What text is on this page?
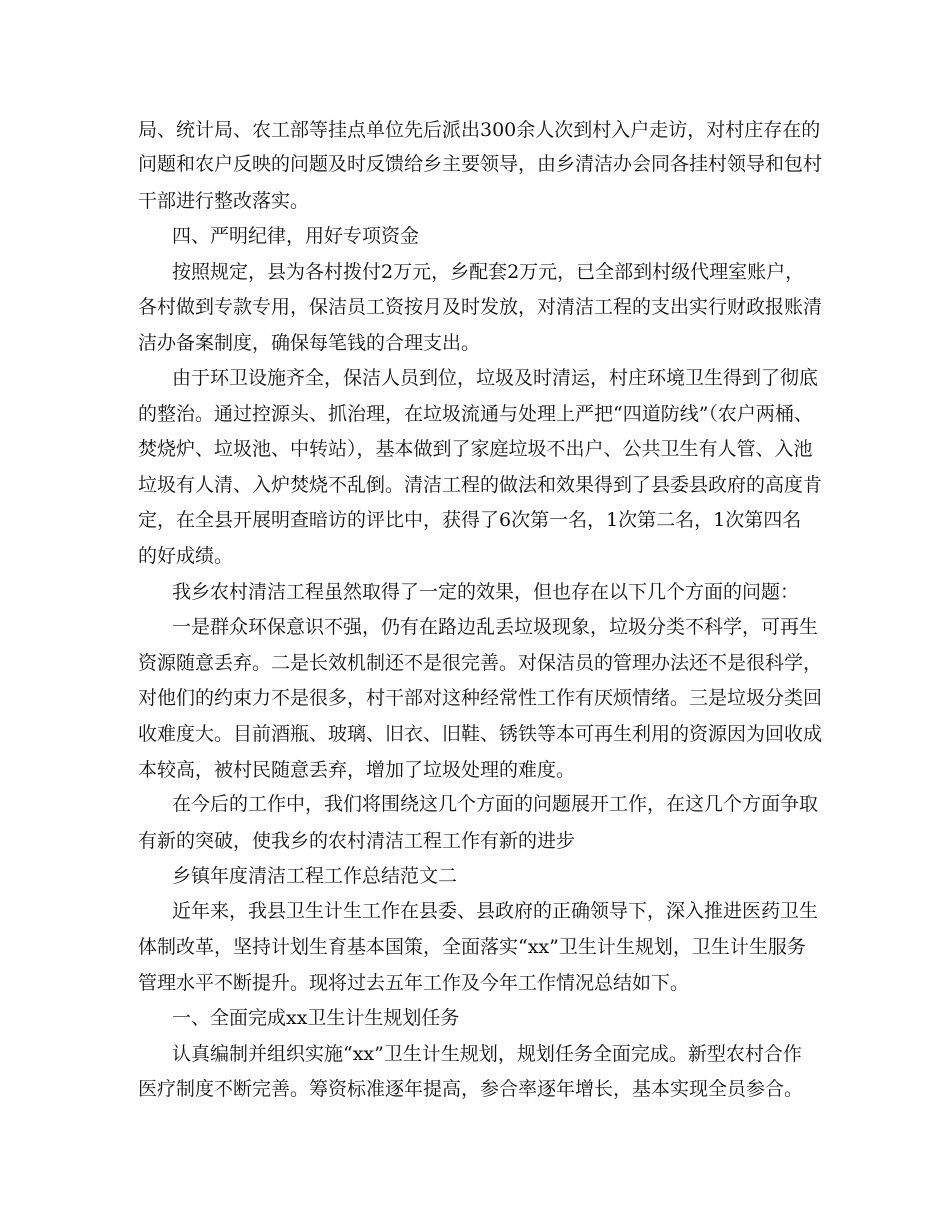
局、统计局、农工部等挂点单位先后派出300余人次到村入户走访，对村庄存在的
问题和农户反映的问题及时反馈给乡主要领导，由乡清洁办会同各挂村领导和包村
干部进行整改落实。
四、严明纪律，用好专项资金
按照规定，县为各村拨付2万元，乡配套2万元，已全部到村级代理室账户，
各村做到专款专用，保洁员工资按月及时发放，对清洁工程的支出实行财政报账清
洁办备案制度，确保每笔钱的合理支出。
由于环卫设施齐全，保洁人员到位，垃圾及时清运，村庄环境卫生得到了彻底
的整治。通过控源头、抓治理，在垃圾流通与处理上严把“四道防线”（农户两桶、
焚烧炉、垃圾池、中转站），基本做到了家庭垃圾不出户、公共卫生有人管、入池
垃圾有人清、入炉焚烧不乱倒。清洁工程的做法和效果得到了县委县政府的高度肯
定，在全县开展明查暗访的评比中，获得了6次第一名，1次第二名，1次第四名
的好成绩。
我乡农村清洁工程虽然取得了一定的效果，但也存在以下几个方面的问题：
一是群众环保意识不强，仍有在路边乱丢垃圾现象，垃圾分类不科学，可再生
资源随意丢弃。二是长效机制还不是很完善。对保洁员的管理办法还不是很科学，
对他们的约束力不是很多，村干部对这种经常性工作有厌烦情绪。三是垃圾分类回
收难度大。目前酒瓶、玻璃、旧衣、旧鞋、锈铁等本可再生利用的资源因为回收成
本较高，被村民随意丢弃，增加了垃圾处理的难度。
在今后的工作中，我们将围绕这几个方面的问题展开工作，在这几个方面争取
有新的突破，使我乡的农村清洁工程工作有新的进步
乡镇年度清洁工程工作总结范文二
近年来，我县卫生计生工作在县委、县政府的正确领导下，深入推进医药卫生
体制改革，坚持计划生育基本国策，全面落实“xx”卫生计生规划，卫生计生服务
管理水平不断提升。现将过去五年工作及今年工作情况总结如下。
一、全面完成xx卫生计生规划任务
认真编制并组织实施“xx”卫生计生规划，规划任务全面完成。新型农村合作
医疗制度不断完善。筹资标准逐年提高，参合率逐年增长，基本实现全员参合。
